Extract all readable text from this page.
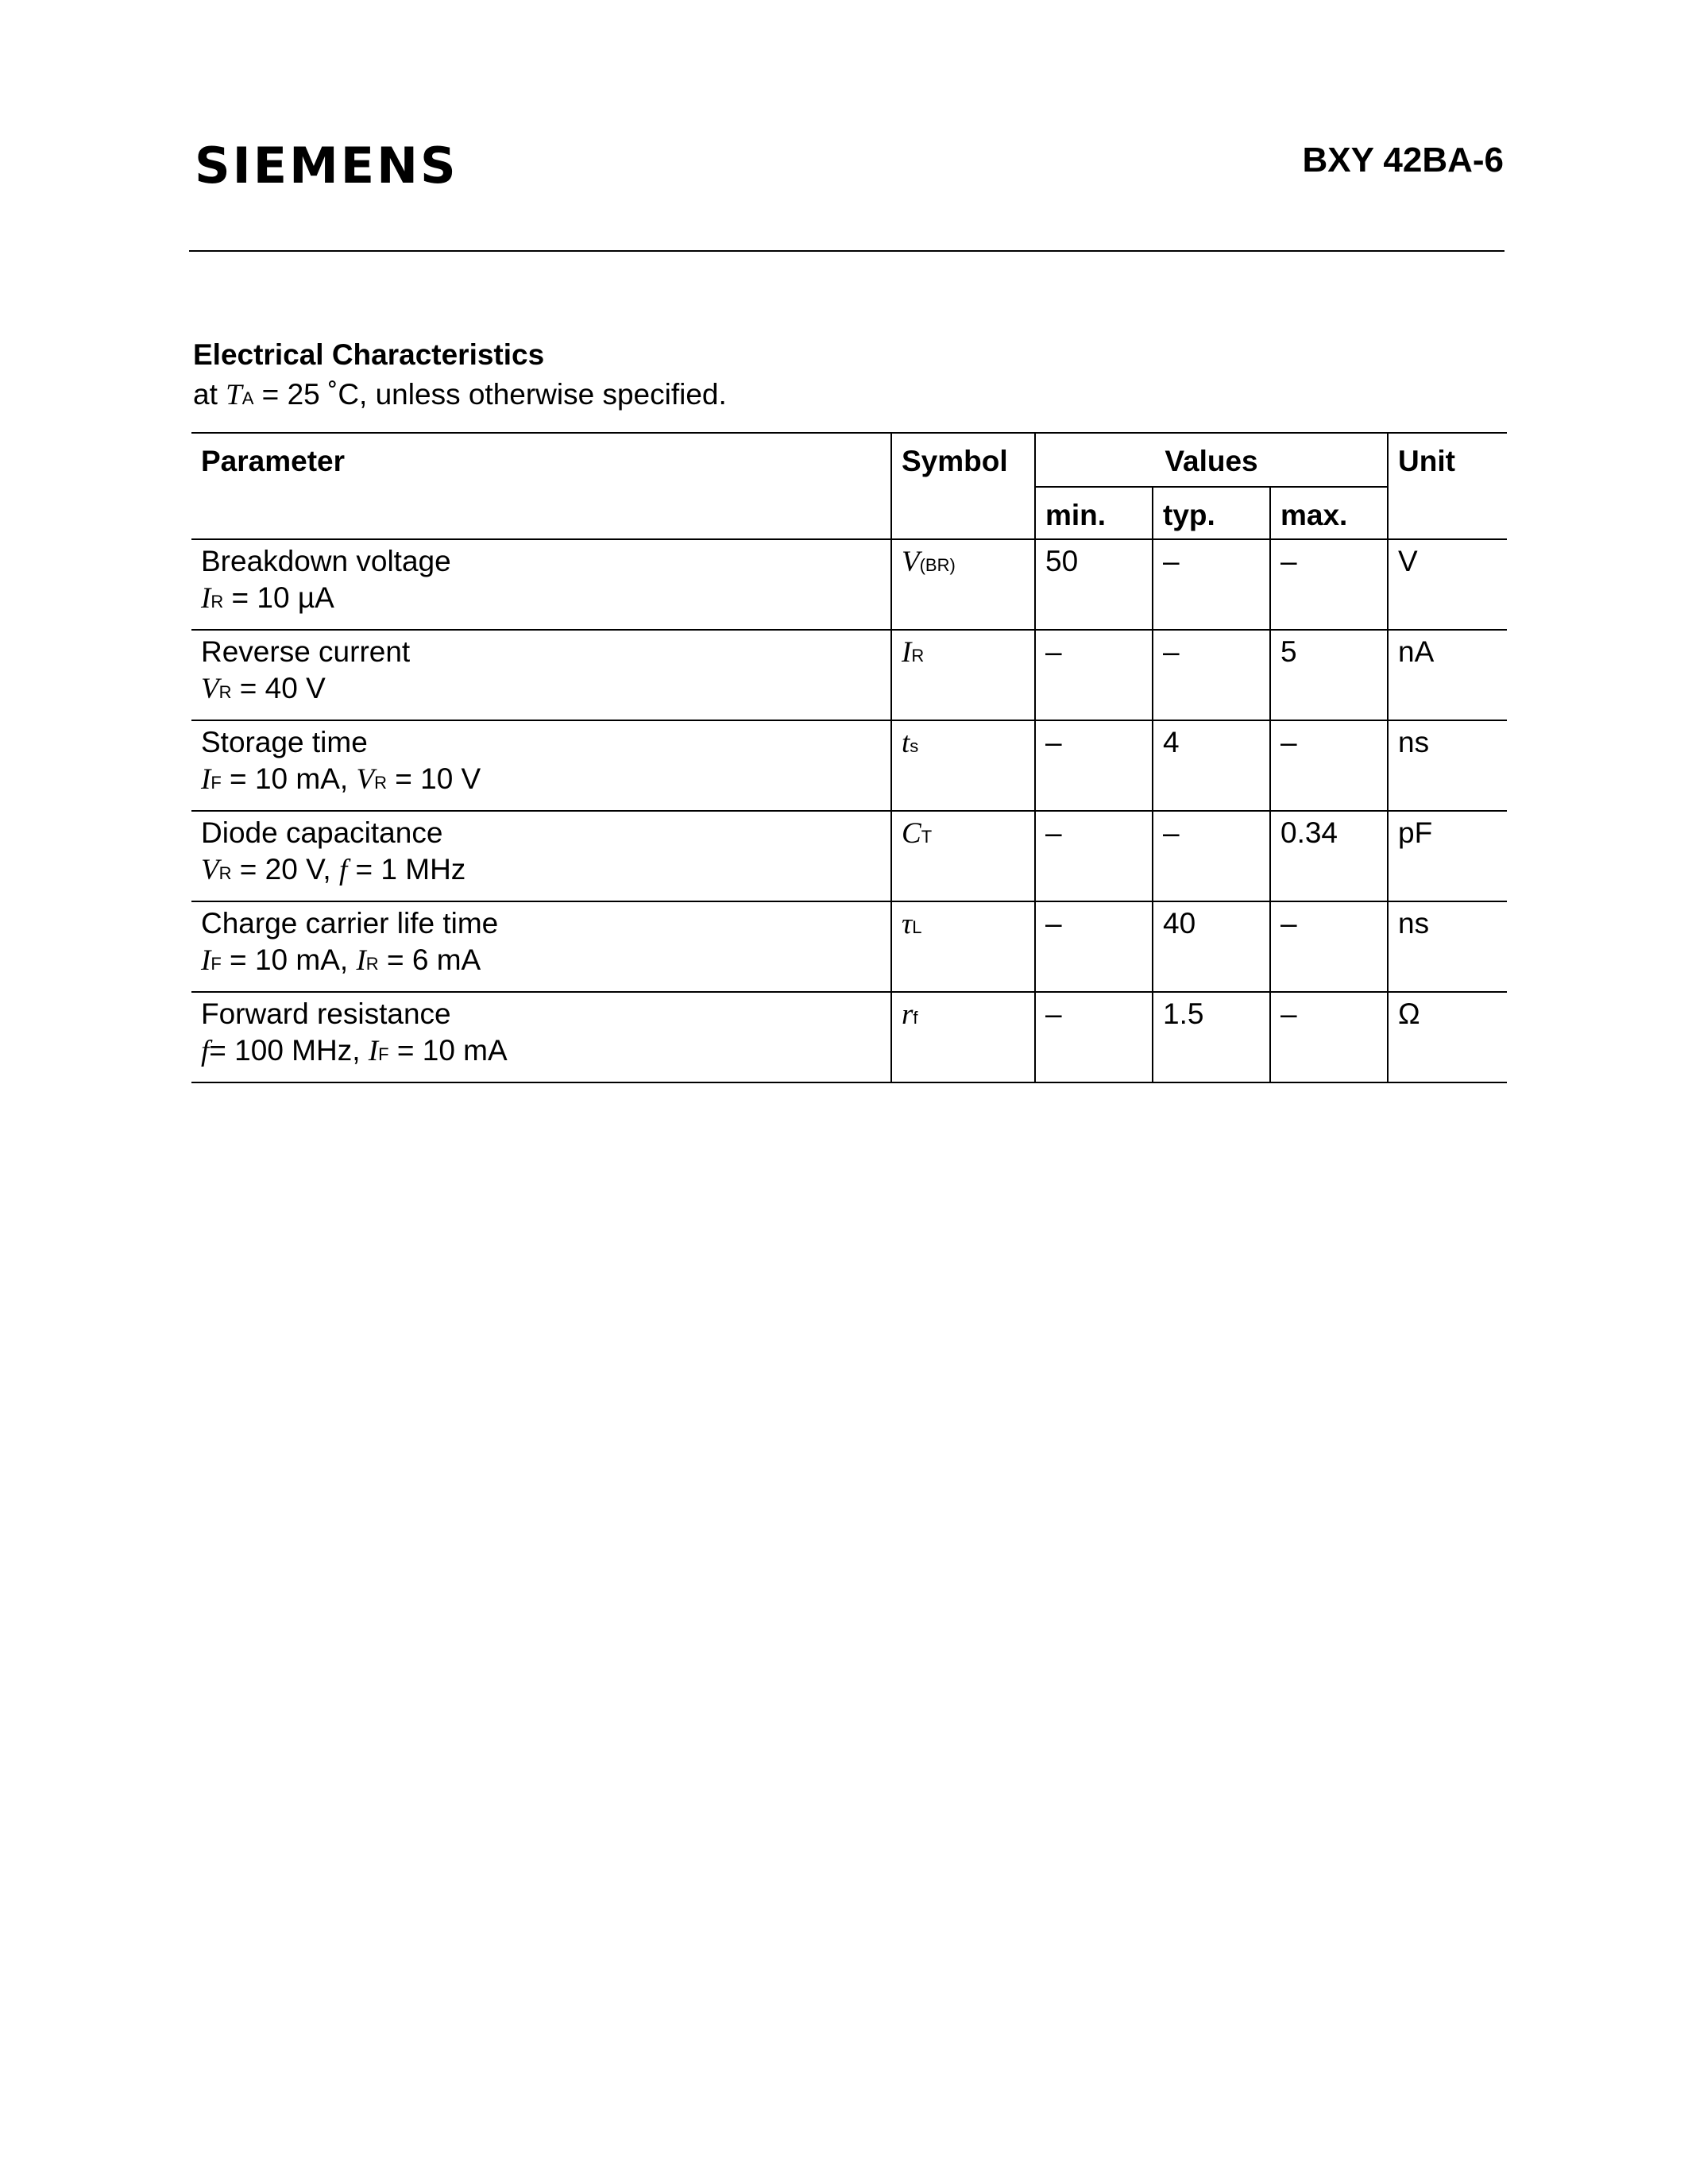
SIEMENS	BXY 42BA-6
Electrical Characteristics
at TA = 25 ˚C, unless otherwise specified.
Parameter	Symbol	Values			Unit
		min.	typ.	max.	

Breakdown voltage
IR = 10 µA	V(BR)	50	–	–	V

Reverse current
VR = 40 V	IR	–	–	5	nA

Storage time
IF = 10 mA, VR = 10 V	ts	–	4	–	ns

Diode capacitance
VR = 20 V, f = 1 MHz	CT	–	–	0.34	pF

Charge carrier life time
IF = 10 mA, IR = 6 mA	τL	–	40	–	ns

Forward resistance
f= 100 MHz, IF = 10 mA	rf	–	1.5	–	Ω
